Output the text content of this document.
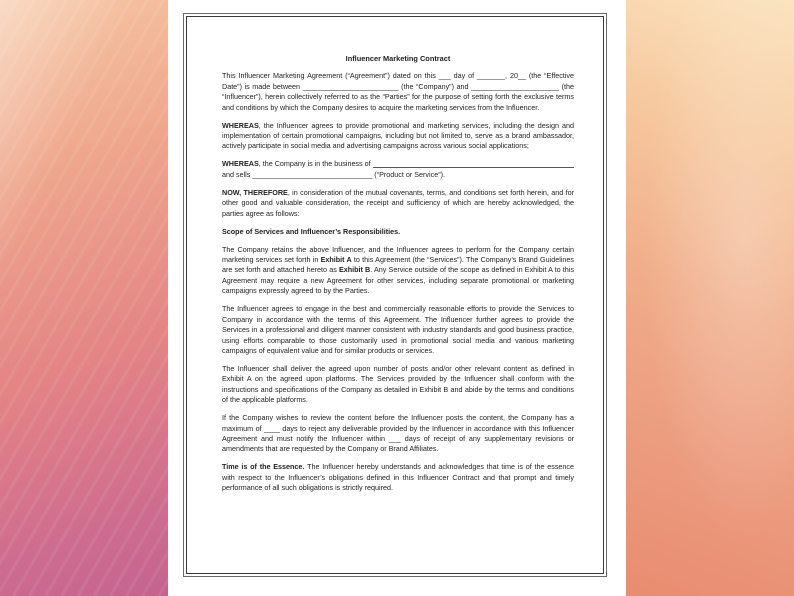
Influencer Marketing Contract

This Influencer Marketing Agreement (“Agreement”) dated on this ___ day of _______, 20__ (the “Effective Date”) is made between ________________________ (the “Company”) and ______________________ (the “Influencer”), herein collectively referred to as the “Parties” for the purpose of setting forth the exclusive terms and conditions by which the Company desires to acquire the marketing services from the Influencer.

WHEREAS, the Influencer agrees to provide promotional and marketing services, including the design and implementation of certain promotional campaigns, including but not limited to, serve as a brand ambassador, actively participate in social media and advertising campaigns across various social applications;

WHEREAS, the Company is in the business of
and sells ______________________________ (“Product or Service”).

NOW, THEREFORE, in consideration of the mutual covenants, terms, and conditions set forth herein, and for other good and valuable consideration, the receipt and sufficiency of which are hereby acknowledged, the parties agree as follows:

Scope of Services and Influencer’s Responsibilities.

The Company retains the above Influencer, and the Influencer agrees to perform for the Company certain marketing services set forth in Exhibit A to this Agreement (the “Services”). The Company’s Brand Guidelines are set forth and attached hereto as Exhibit B. Any Service outside of the scope as defined in Exhibit A to this Agreement may require a new Agreement for other services, including separate promotional or marketing campaigns expressly agreed to by the Parties.

The Influencer agrees to engage in the best and commercially reasonable efforts to provide the Services to Company in accordance with the terms of this Agreement. The Influencer further agrees to provide the Services in a professional and diligent manner consistent with industry standards and good business practice, using efforts comparable to those customarily used in promotional social media and various marketing campaigns of equivalent value and for similar products or services.

The Influencer shall deliver the agreed upon number of posts and/or other relevant content as defined in Exhibit A on the agreed upon platforms. The Services provided by the Influencer shall conform with the instructions and specifications of the Company as detailed in Exhibit B and abide by the terms and conditions of the applicable platforms.

If the Company wishes to review the content before the Influencer posts the content, the Company has a maximum of ____ days to reject any deliverable provided by the Influencer in accordance with this Influencer Agreement and must notify the Influencer within ___ days of receipt of any supplementary revisions or amendments that are requested by the Company or Brand Affiliates.

Time is of the Essence. The Influencer hereby understands and acknowledges that time is of the essence with respect to the Influencer’s obligations defined in this Influencer Contract and that prompt and timely performance of all such obligations is strictly required.
